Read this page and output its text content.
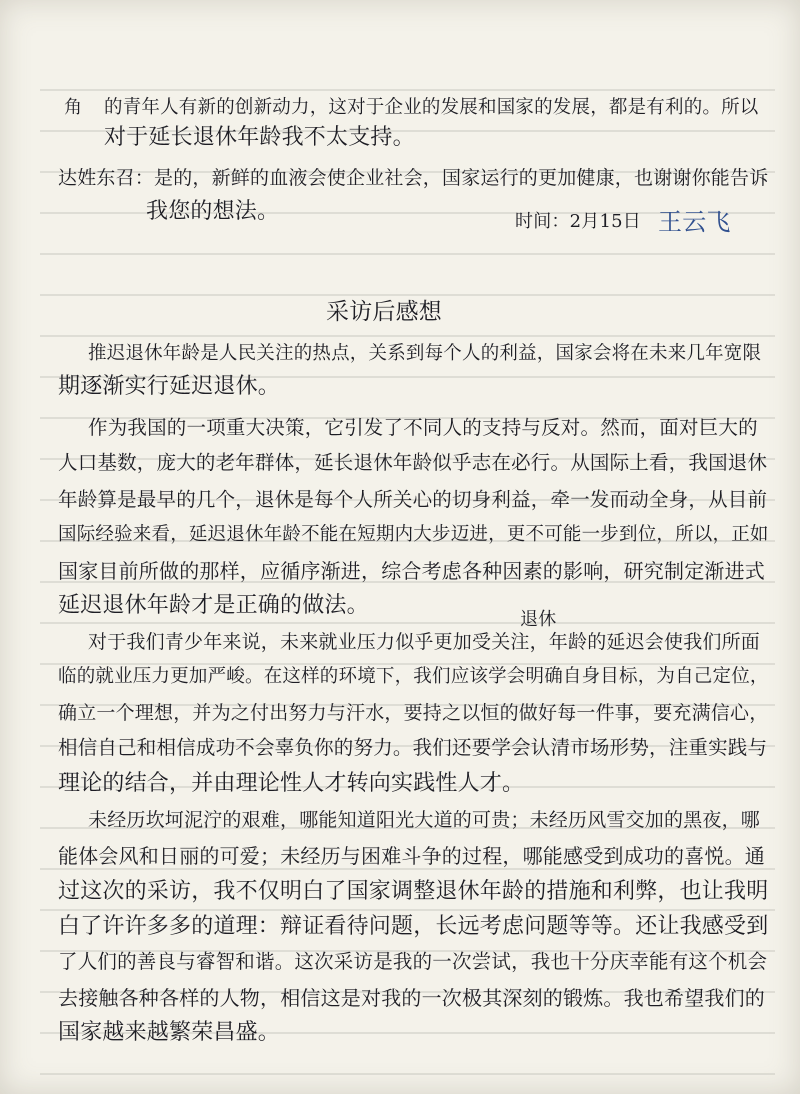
角 的青年人有新的创新动力，这对于企业的发展和国家的发展，都是有利的。所以
对于延长退休年龄我不太支持。
达姓东召：是的，新鲜的血液会使企业社会，国家运行的更加健康，也谢谢你能告诉
我您的想法。	时间：2月15日 王云飞
采访后感想
推迟退休年龄是人民关注的热点，关系到每个人的利益，国家会将在未来几年宽限
期逐渐实行延迟退休。
作为我国的一项重大决策，它引发了不同人的支持与反对。然而，面对巨大的
人口基数，庞大的老年群体，延长退休年龄似乎志在必行。从国际上看，我国退休
年龄算是最早的几个，退休是每个人所关心的切身利益，牵一发而动全身，从目前
国际经验来看，延迟退休年龄不能在短期内大步迈进，更不可能一步到位，所以，正如
国家目前所做的那样，应循序渐进，综合考虑各种因素的影响，研究制定渐进式
延迟退休年龄才是正确的做法。
退休
对于我们青少年来说，未来就业压力似乎更加受关注，年龄的延迟会使我们所面
临的就业压力更加严峻。在这样的环境下，我们应该学会明确自身目标，为自己定位，
确立一个理想，并为之付出努力与汗水，要持之以恒的做好每一件事，要充满信心，
相信自己和相信成功不会辜负你的努力。我们还要学会认清市场形势，注重实践与
理论的结合，并由理论性人才转向实践性人才。
未经历坎坷泥泞的艰难，哪能知道阳光大道的可贵；未经历风雪交加的黑夜，哪
能体会风和日丽的可爱；未经历与困难斗争的过程，哪能感受到成功的喜悦。通
过这次的采访，我不仅明白了国家调整退休年龄的措施和利弊，也让我明
白了许许多多的道理：辩证看待问题，长远考虑问题等等。还让我感受到
了人们的善良与睿智和谐。这次采访是我的一次尝试，我也十分庆幸能有这个机会
去接触各种各样的人物，相信这是对我的一次极其深刻的锻炼。我也希望我们的
国家越来越繁荣昌盛。
